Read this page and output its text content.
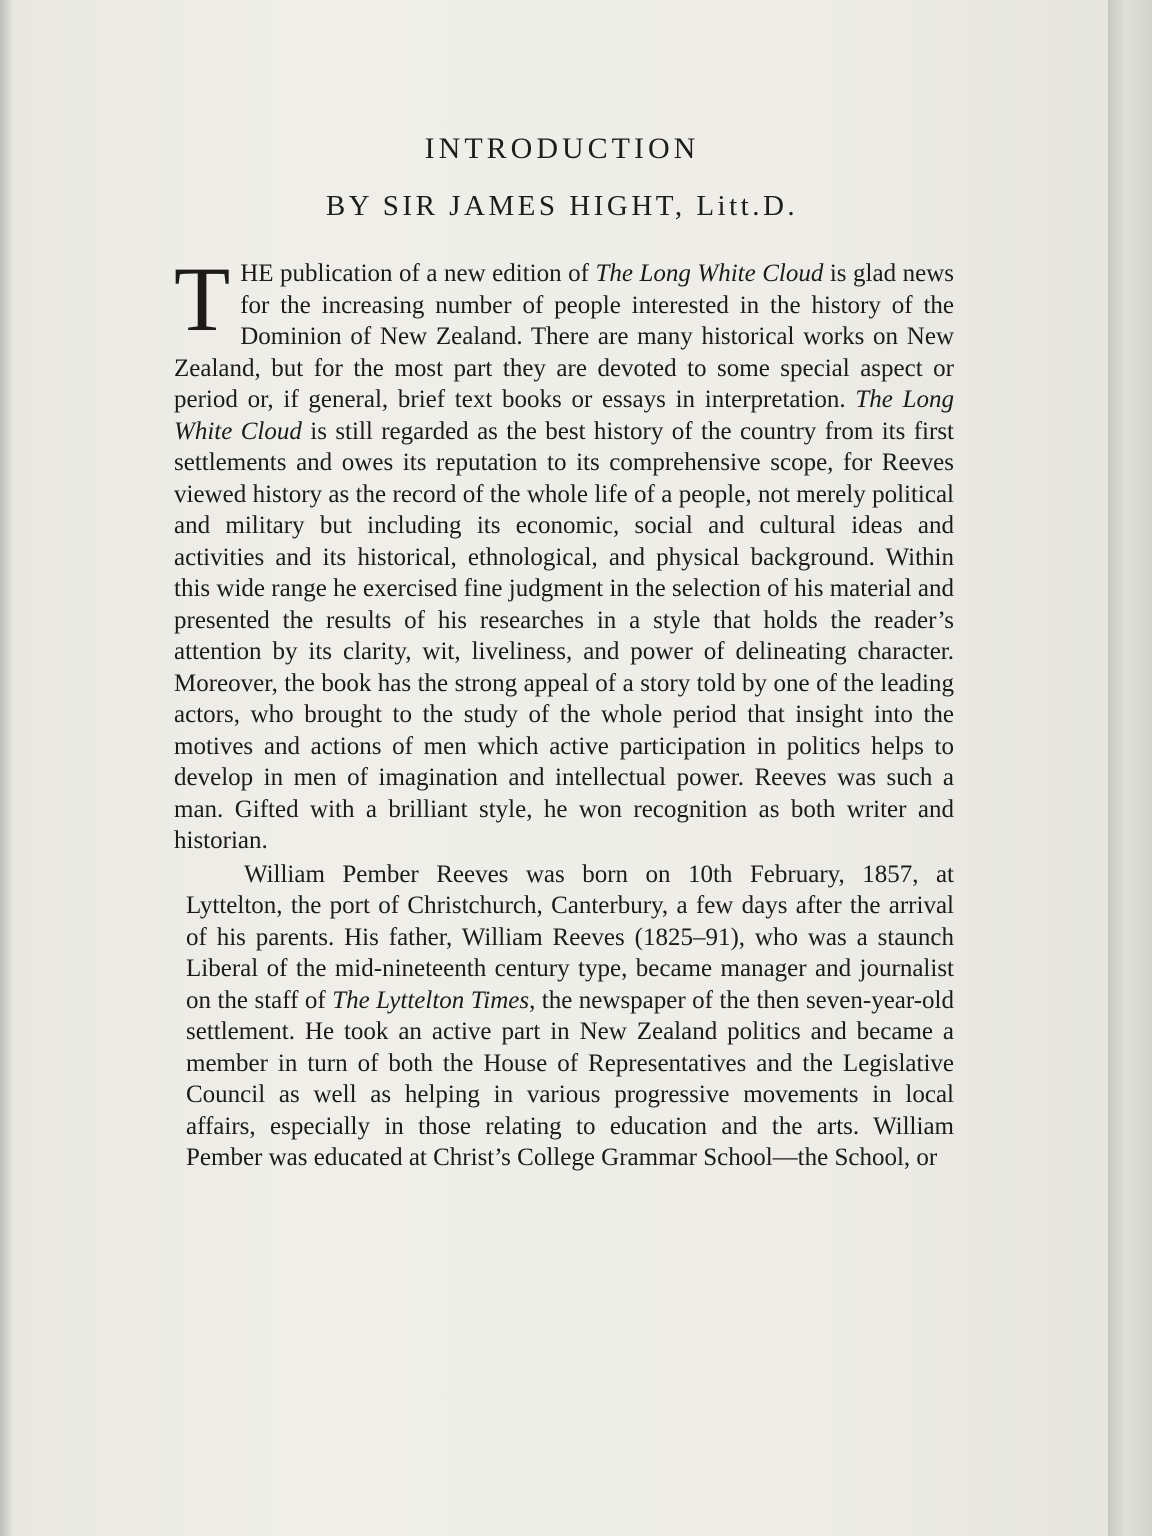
INTRODUCTION
BY SIR JAMES HIGHT, Litt.D.

THE publication of a new edition of The Long White Cloud is glad news for the increasing number of people interested in the history of the Dominion of New Zealand. There are many historical works on New Zealand, but for the most part they are devoted to some special aspect or period or, if general, brief text books or essays in interpretation. The Long White Cloud is still regarded as the best history of the country from its first settlements and owes its reputation to its comprehensive scope, for Reeves viewed history as the record of the whole life of a people, not merely political and military but including its economic, social and cultural ideas and activities and its historical, ethnological, and physical background. Within this wide range he exercised fine judgment in the selection of his material and presented the results of his researches in a style that holds the reader’s attention by its clarity, wit, liveliness, and power of delineating character. Moreover, the book has the strong appeal of a story told by one of the leading actors, who brought to the study of the whole period that insight into the motives and actions of men which active participation in politics helps to develop in men of imagination and intellectual power. Reeves was such a man. Gifted with a brilliant style, he won recognition as both writer and historian.

William Pember Reeves was born on 10th February, 1857, at Lyttelton, the port of Christchurch, Canterbury, a few days after the arrival of his parents. His father, William Reeves (1825–91), who was a staunch Liberal of the mid-nineteenth century type, became manager and journalist on the staff of The Lyttelton Times, the newspaper of the then seven-year-old settlement. He took an active part in New Zealand politics and became a member in turn of both the House of Representatives and the Legislative Council as well as helping in various progressive movements in local affairs, especially in those relating to education and the arts. William Pember was educated at Christ’s College Grammar School—the School, or
